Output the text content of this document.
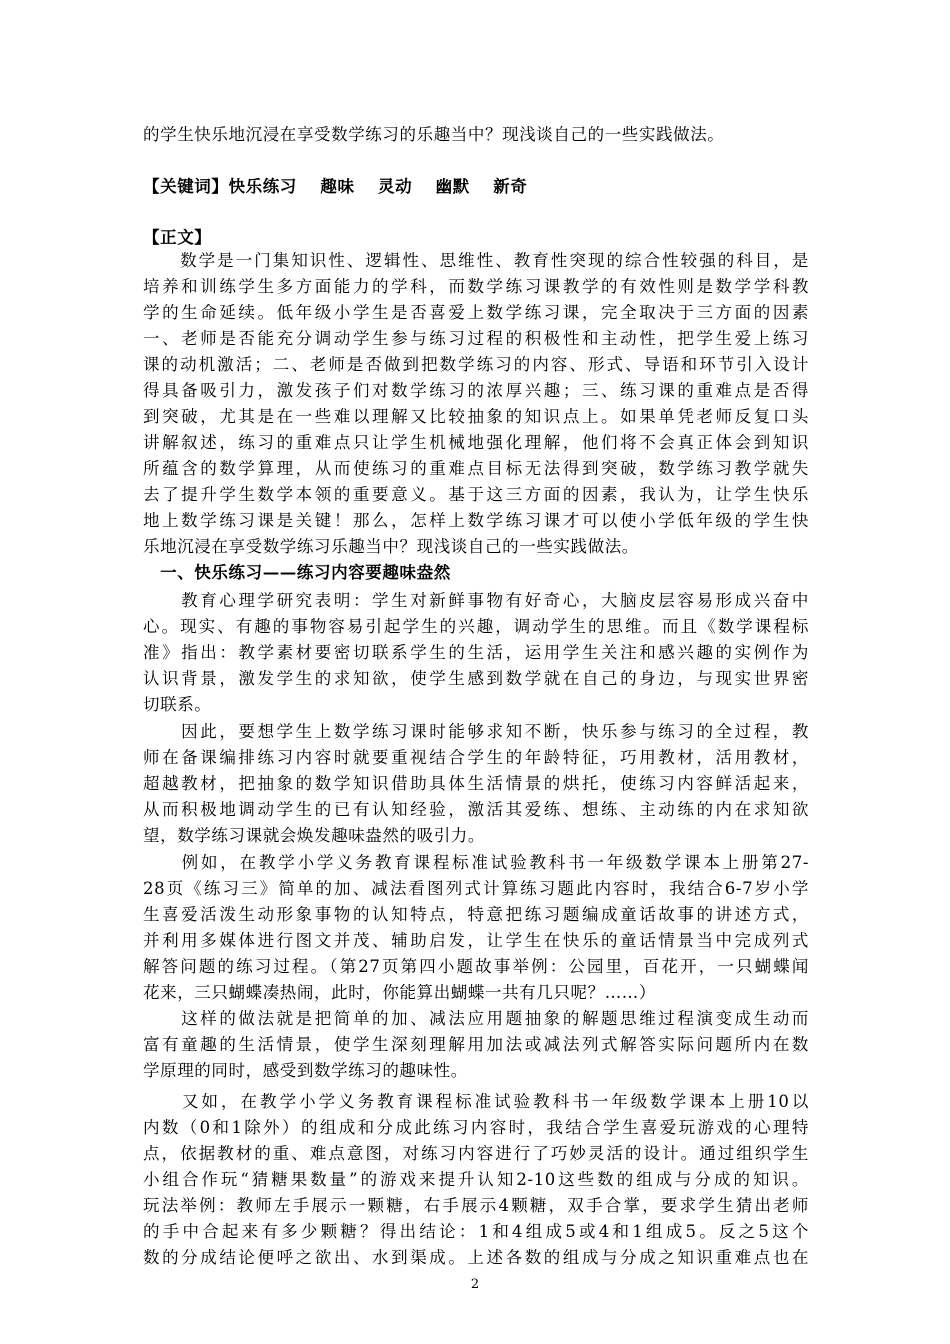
的学生快乐地沉浸在享受数学练习的乐趣当中？现浅谈自己的一些实践做法。
【关键词】快乐练习　 趣味　 灵动　 幽默　 新奇
【正文】
　　数学是一门集知识性、逻辑性、思维性、教育性突现的综合性较强的科目，是
培养和训练学生多方面能力的学科，而数学练习课教学的有效性则是数学学科教
学的生命延续。低年级小学生是否喜爱上数学练习课，完全取决于三方面的因素
一、老师是否能充分调动学生参与练习过程的积极性和主动性，把学生爱上练习
课的动机激活；二、老师是否做到把数学练习的内容、形式、导语和环节引入设计
得具备吸引力，激发孩子们对数学练习的浓厚兴趣；三、练习课的重难点是否得
到突破，尤其是在一些难以理解又比较抽象的知识点上。如果单凭老师反复口头
讲解叙述，练习的重难点只让学生机械地强化理解，他们将不会真正体会到知识
所蕴含的数学算理，从而使练习的重难点目标无法得到突破，数学练习教学就失
去了提升学生数学本领的重要意义。基于这三方面的因素，我认为，让学生快乐
地上数学练习课是关键！那么，怎样上数学练习课才可以使小学低年级的学生快
乐地沉浸在享受数学练习乐趣当中？现浅谈自己的一些实践做法。
　一、快乐练习——练习内容要趣味盎然
　　教育心理学研究表明：学生对新鲜事物有好奇心，大脑皮层容易形成兴奋中
心。现实、有趣的事物容易引起学生的兴趣，调动学生的思维。而且《数学课程标
准》指出：教学素材要密切联系学生的生活，运用学生关注和感兴趣的实例作为
认识背景，激发学生的求知欲，使学生感到数学就在自己的身边，与现实世界密
切联系。
　　因此，要想学生上数学练习课时能够求知不断，快乐参与练习的全过程，教
师在备课编排练习内容时就要重视结合学生的年龄特征，巧用教材，活用教材，
超越教材，把抽象的数学知识借助具体生活情景的烘托，使练习内容鲜活起来，
从而积极地调动学生的已有认知经验，激活其爱练、想练、主动练的内在求知欲
望，数学练习课就会焕发趣味盎然的吸引力。
　　例如，在教学小学义务教育课程标准试验教科书一年级数学课本上册第27-
28页《练习三》简单的加、减法看图列式计算练习题此内容时，我结合6-7岁小学
生喜爱活泼生动形象事物的认知特点，特意把练习题编成童话故事的讲述方式，
并利用多媒体进行图文并茂、辅助启发，让学生在快乐的童话情景当中完成列式
解答问题的练习过程。（第27页第四小题故事举例：公园里，百花开，一只蝴蝶闻
花来，三只蝴蝶凑热闹，此时，你能算出蝴蝶一共有几只呢？……）
　　这样的做法就是把简单的加、减法应用题抽象的解题思维过程演变成生动而
富有童趣的生活情景，使学生深刻理解用加法或减法列式解答实际问题所内在数
学原理的同时，感受到数学练习的趣味性。
　　又如，在教学小学义务教育课程标准试验教科书一年级数学课本上册10以
内数（0和1除外）的组成和分成此练习内容时，我结合学生喜爱玩游戏的心理特
点，依据教材的重、难点意图，对练习内容进行了巧妙灵活的设计。通过组织学生
小组合作玩“猜糖果数量”的游戏来提升认知2-10这些数的组成与分成的知识。
玩法举例：教师左手展示一颗糖，右手展示4颗糖，双手合掌，要求学生猜出老师
的手中合起来有多少颗糖？得出结论：1和4组成5或4和1组成5。反之5这个
数的分成结论便呼之欲出、水到渠成。上述各数的组成与分成之知识重难点也在
2
